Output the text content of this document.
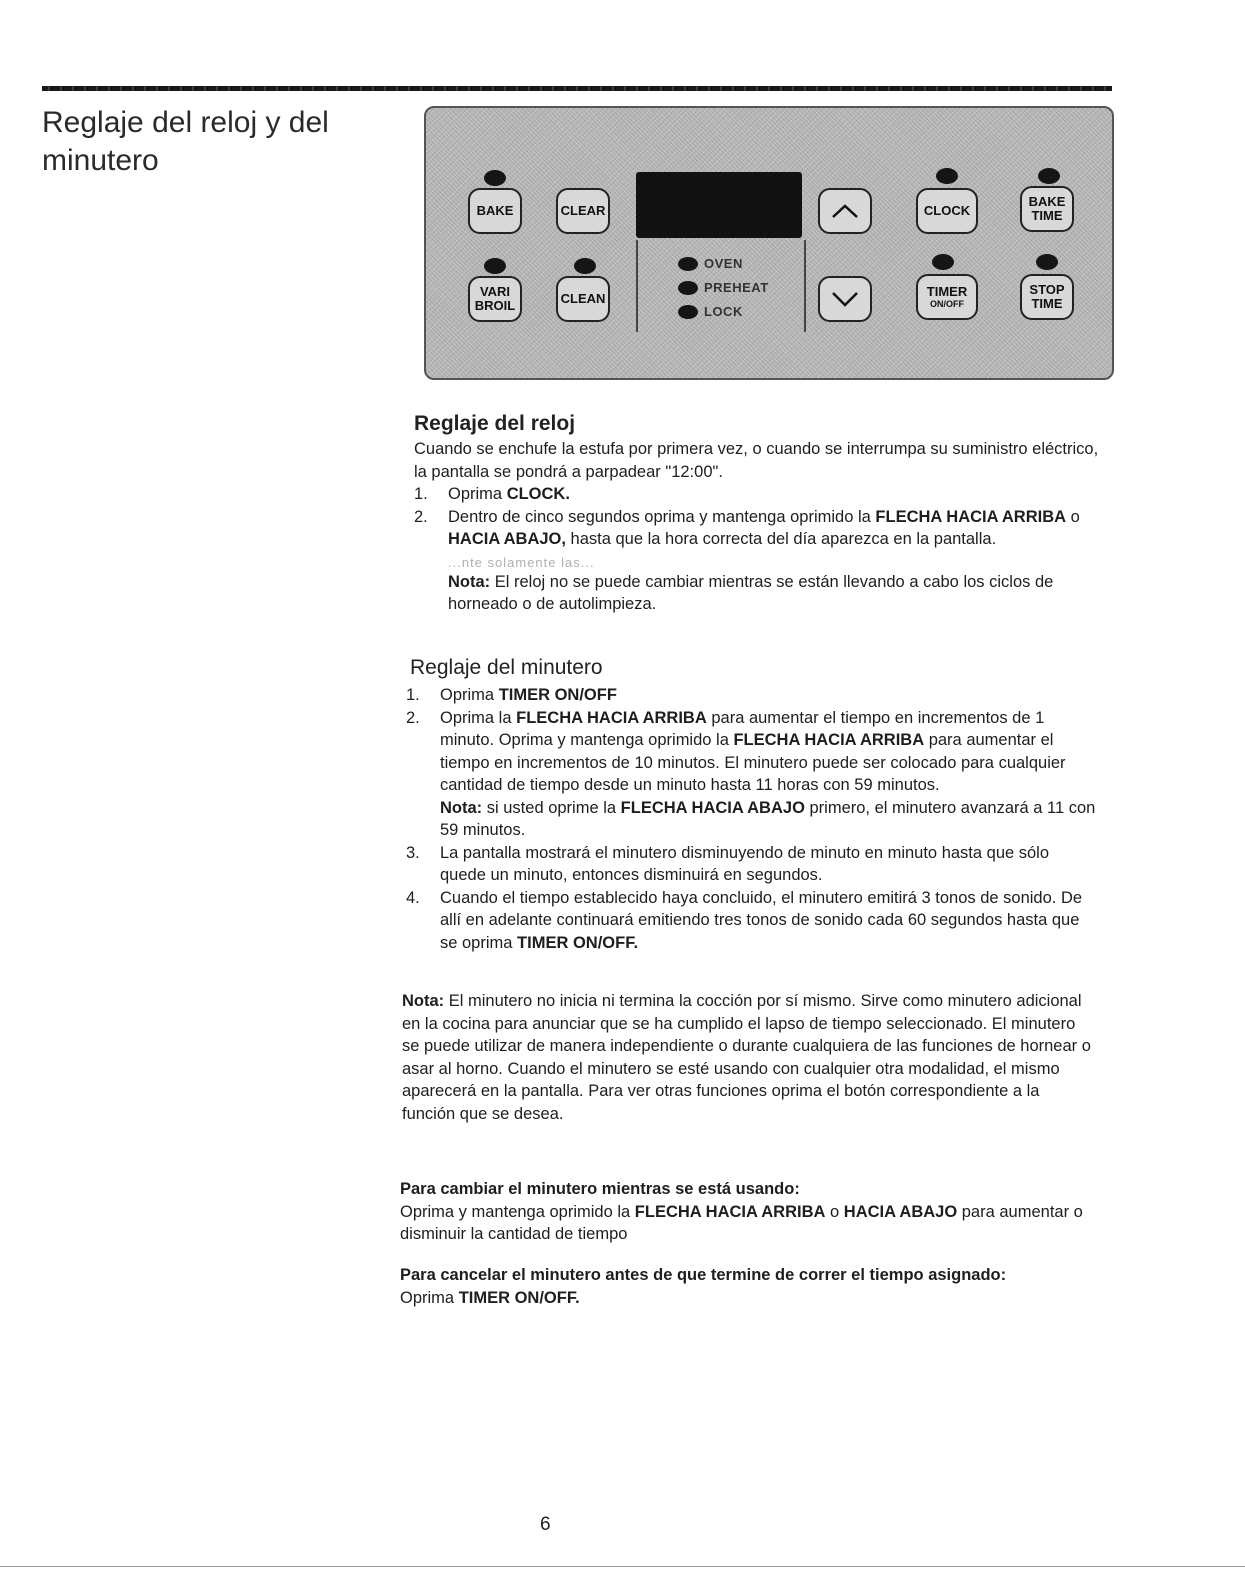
Reglaje del reloj y del minutero
BAKE	CLEAR	CLOCK
BAKE
TIME
VARI
BROIL	CLEAN
OVEN
PREHEAT
LOCK
TIMER
ON/OFF
STOP
TIME
Reglaje del reloj

Cuando se enchufe la estufa por primera vez, o cuando se interrumpa su suministro eléctrico, la pantalla se pondrá a parpadear "12:00".

1. Oprima CLOCK.
2. Dentro de cinco segundos oprima y mantenga oprimido la FLECHA HACIA ARRIBA o HACIA ABAJO, hasta que la hora correcta del día aparezca en la pantalla.
...nte solamente las...
Nota: El reloj no se puede cambiar mientras se están llevando a cabo los ciclos de horneado o de autolimpieza.
Reglaje del minutero
1. Oprima TIMER ON/OFF
2. Oprima la FLECHA HACIA ARRIBA para aumentar el tiempo en incrementos de 1 minuto. Oprima y mantenga oprimido la FLECHA HACIA ARRIBA para aumentar el tiempo en incrementos de 10 minutos. El minutero puede ser colocado para cualquier cantidad de tiempo desde un minuto hasta 11 horas con 59 minutos.
Nota: si usted oprime la FLECHA HACIA ABAJO primero, el minutero avanzará a 11 con 59 minutos.
3. La pantalla mostrará el minutero disminuyendo de minuto en minuto hasta que sólo quede un minuto, entonces disminuirá en segundos.
4. Cuando el tiempo establecido haya concluido, el minutero emitirá 3 tonos de sonido. De allí en adelante continuará emitiendo tres tonos de sonido cada 60 segundos hasta que se oprima TIMER ON/OFF.
Nota: El minutero no inicia ni termina la cocción por sí mismo. Sirve como minutero adicional en la cocina para anunciar que se ha cumplido el lapso de tiempo seleccionado. El minutero se puede utilizar de manera independiente o durante cualquiera de las funciones de hornear o asar al horno. Cuando el minutero se esté usando con cualquier otra modalidad, el mismo aparecerá en la pantalla. Para ver otras funciones oprima el botón correspondiente a la función que se desea.

Para cambiar el minutero mientras se está usando:

Oprima y mantenga oprimido la FLECHA HACIA ARRIBA o HACIA ABAJO para aumentar o disminuir la cantidad de tiempo

Para cancelar el minutero antes de que termine de correr el tiempo asignado:

Oprima TIMER ON/OFF.

6
